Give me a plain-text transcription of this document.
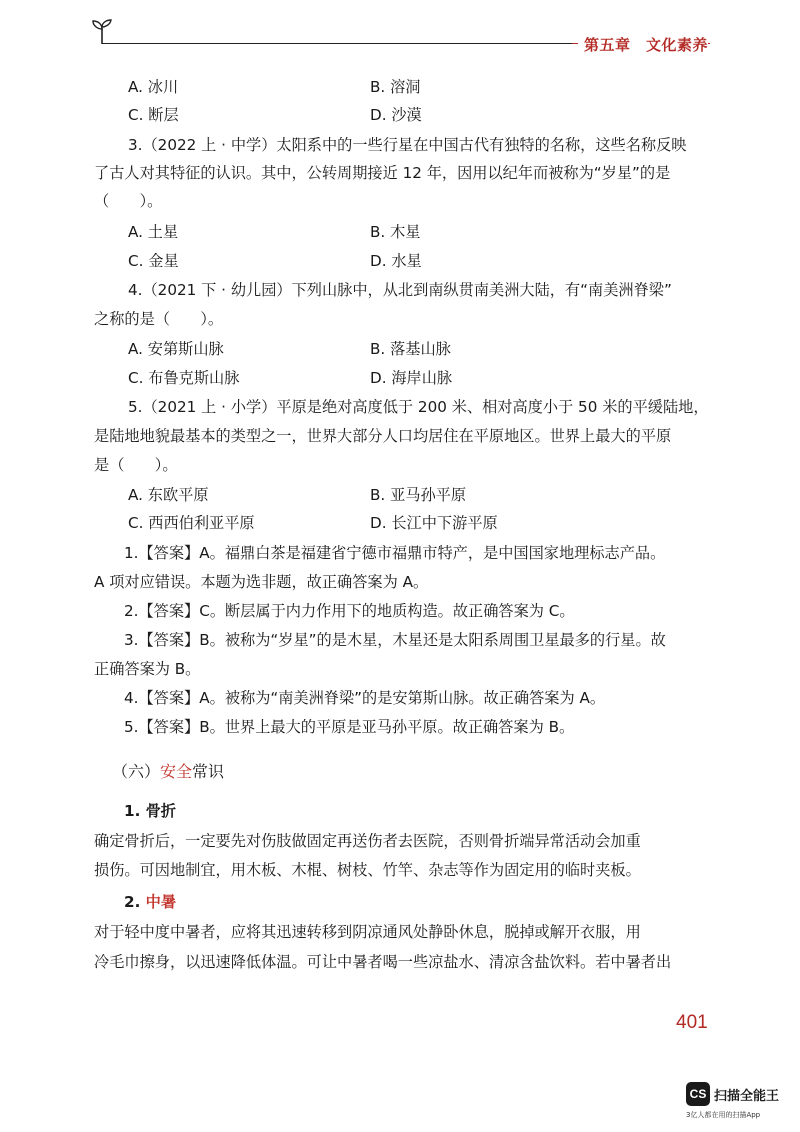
第五章　文化素养
A. 冰川	B. 溶洞
C. 断层	D. 沙漠
3.（2022 上 · 中学）太阳系中的一些行星在中国古代有独特的名称，这些名称反映
了古人对其特征的认识。其中，公转周期接近 12 年，因用以纪年而被称为“岁星”的是
（　　）。
A. 土星	B. 木星
C. 金星	D. 水星
4.（2021 下 · 幼儿园）下列山脉中，从北到南纵贯南美洲大陆，有“南美洲脊梁”
之称的是（　　）。
A. 安第斯山脉	B. 落基山脉
C. 布鲁克斯山脉	D. 海岸山脉
5.（2021 上 · 小学）平原是绝对高度低于 200 米、相对高度小于 50 米的平缓陆地，
是陆地地貌最基本的类型之一，世界大部分人口均居住在平原地区。世界上最大的平原
是（　　）。
A. 东欧平原	B. 亚马孙平原
C. 西西伯利亚平原	D. 长江中下游平原
1.【答案】A。福鼎白茶是福建省宁德市福鼎市特产，是中国国家地理标志产品。
A 项对应错误。本题为选非题，故正确答案为 A。
2.【答案】C。断层属于内力作用下的地质构造。故正确答案为 C。
3.【答案】B。被称为“岁星”的是木星，木星还是太阳系周围卫星最多的行星。故
正确答案为 B。
4.【答案】A。被称为“南美洲脊梁”的是安第斯山脉。故正确答案为 A。
5.【答案】B。世界上最大的平原是亚马孙平原。故正确答案为 B。
（六）安全常识
1. 骨折
确定骨折后，一定要先对伤肢做固定再送伤者去医院，否则骨折端异常活动会加重
损伤。可因地制宜，用木板、木棍、树枝、竹竿、杂志等作为固定用的临时夹板。
2. 中暑
对于轻中度中暑者，应将其迅速转移到阴凉通风处静卧休息，脱掉或解开衣服，用
冷毛巾擦身，以迅速降低体温。可让中暑者喝一些凉盐水、清凉含盐饮料。若中暑者出
401
CS 扫描全能王
3亿人都在用的扫描App
